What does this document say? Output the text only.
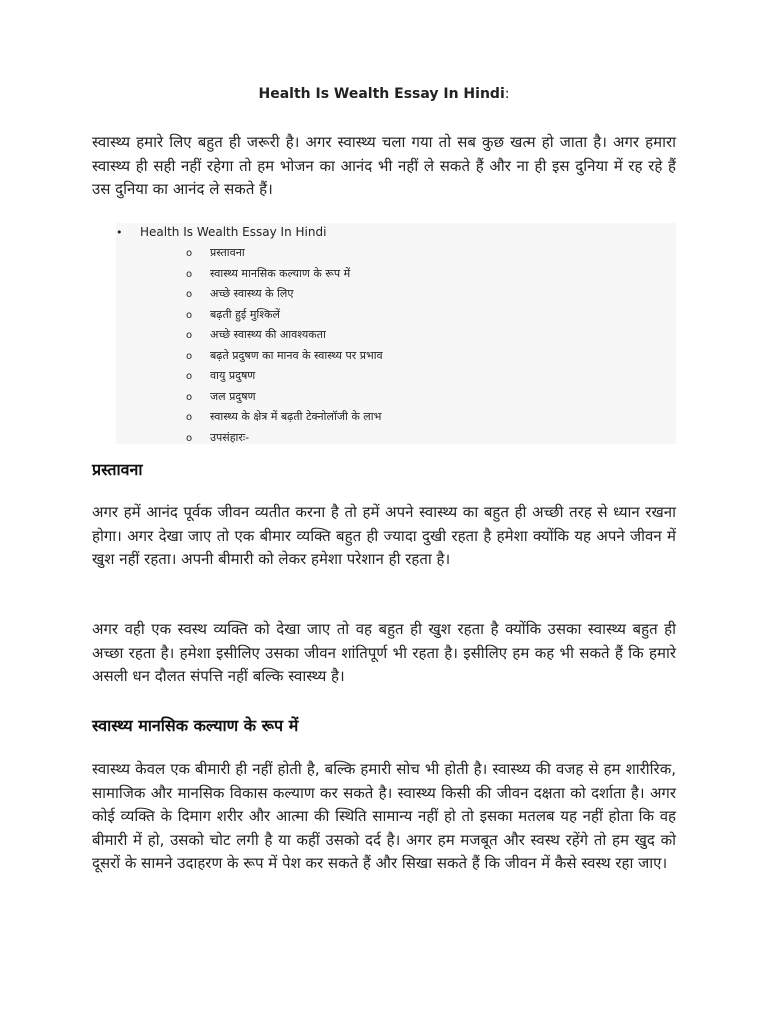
Health Is Wealth Essay In Hindi:
स्वास्थ्य हमारे लिए बहुत ही जरूरी है। अगर स्वास्थ्य चला गया तो सब कुछ खत्म हो जाता है। अगर हमारा स्वास्थ्य ही सही नहीं रहेगा तो हम भोजन का आनंद भी नहीं ले सकते हैं और ना ही इस दुनिया में रह रहे हैं उस दुनिया का आनंद ले सकते हैं।
• Health Is Wealth Essay In Hindi
o प्रस्तावना
o स्वास्थ्य मानसिक कल्याण के रूप में
o अच्छे स्वास्थ्य के लिए
o बढ़ती हुई मुश्किलें
o अच्छे स्वास्थ्य की आवश्यकता
o बढ़ते प्रदुषण का मानव के स्वास्थ्य पर प्रभाव
o वायु प्रदुषण
o जल प्रदुषण
o स्वास्थ्य के क्षेत्र में बढ़ती टेक्नोलॉजी के लाभ
o उपसंहारः-
प्रस्तावना
अगर हमें आनंद पूर्वक जीवन व्यतीत करना है तो हमें अपने स्वास्थ्य का बहुत ही अच्छी तरह से ध्यान रखना होगा। अगर देखा जाए तो एक बीमार व्यक्ति बहुत ही ज्यादा दुखी रहता है हमेशा क्योंकि यह अपने जीवन में खुश नहीं रहता। अपनी बीमारी को लेकर हमेशा परेशान ही रहता है।
अगर वही एक स्वस्थ व्यक्ति को देखा जाए तो वह बहुत ही खुश रहता है क्योंकि उसका स्वास्थ्य बहुत ही अच्छा रहता है। हमेशा इसीलिए उसका जीवन शांतिपूर्ण भी रहता है। इसीलिए हम कह भी सकते हैं कि हमारे असली धन दौलत संपत्ति नहीं बल्कि स्वास्थ्य है।
स्वास्थ्य मानसिक कल्याण के रूप में
स्वास्थ्य केवल एक बीमारी ही नहीं होती है, बल्कि हमारी सोच भी होती है। स्वास्थ्य की वजह से हम शारीरिक, सामाजिक और मानसिक विकास कल्याण कर सकते है। स्वास्थ्य किसी की जीवन दक्षता को दर्शाता है। अगर कोई व्यक्ति के दिमाग शरीर और आत्मा की स्थिति सामान्य नहीं हो तो इसका मतलब यह नहीं होता कि वह बीमारी में हो, उसको चोट लगी है या कहीं उसको दर्द है। अगर हम मजबूत और स्वस्थ रहेंगे तो हम खुद को दूसरों के सामने उदाहरण के रूप में पेश कर सकते हैं और सिखा सकते हैं कि जीवन में कैसे स्वस्थ रहा जाए।
